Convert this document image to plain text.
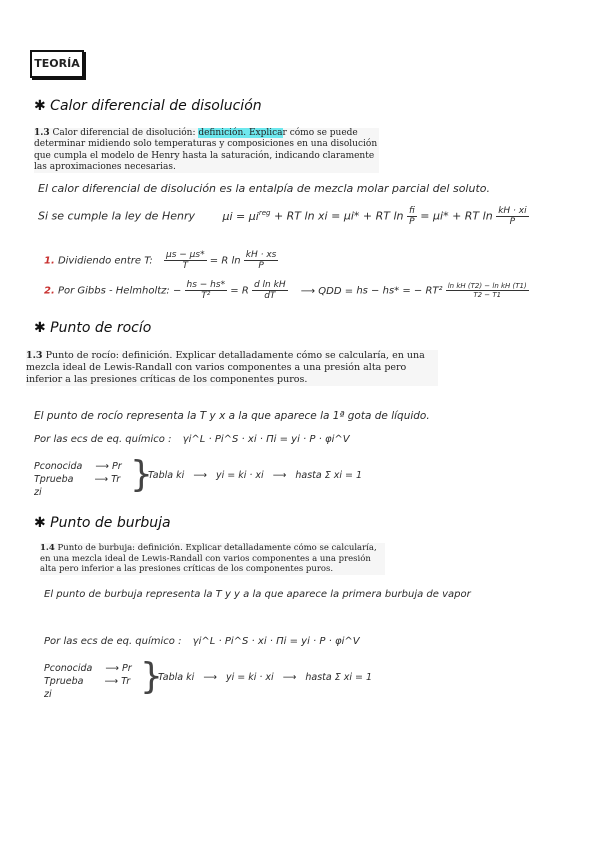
TEORÍA
✱ Calor diferencial de disolución
1.3 Calor diferencial de disolución: definición. Explicar cómo se puede determinar midiendo solo temperaturas y composiciones en una disolución que cumpla el modelo de Henry hasta la saturación, indicando claramente las aproximaciones necesarias.
El calor diferencial de disolución es la entalpía de mezcla molar parcial del soluto.
Si se cumple la ley de Henry	$\mu i = \mu i^{reg}$ + RT ln xi = μi* + RT $\ln \frac{fi}{P} = \mu i*$ + RT $\ln \frac{kH \cdot xi}{P}$
1. Dividiendo entre T: $\frac{\mu s - \mu s*}{T} = R$ $\ln \frac{kH \cdot xs}{P}$
2. Por Gibbs - Helmholtz: − $\frac{hs - hs*}{\text{T²}} = R \frac{\text{d ln kH}}{dT}$ ⟶ QDD = hs − hs* = − $RT^2 \frac{\text{ln kH (T2) − ln kH (T1)}}{T2 - T1}$
✱ Punto de rocío
1.3 Punto de rocío: definición. Explicar detalladamente cómo se calcularía, en una mezcla ideal de Lewis-Randall con varios componentes a una presión alta pero inferior a las presiones críticas de los componentes puros.
El punto de rocío representa la T y x a la que aparece la 1ª gota de líquido.
Por las ecs de eq. químico : γi^L · Pi^S · xi · Πi = yi · P · φi^V
Pconocida ⟶ Pr
Tprueba ⟶ Tr
zi	}
Tabla ki ⟶ yi = ki · xi ⟶ hasta Σ xi = 1
✱ Punto de burbuja
1.4 Punto de burbuja: definición. Explicar detalladamente cómo se calcularía, en una mezcla ideal de Lewis-Randall con varios componentes a una presión alta pero inferior a las presiones críticas de los componentes puros.
El punto de burbuja representa la T y y a la que aparece la primera burbuja de vapor
Por las ecs de eq. químico : γi^L · Pi^S · xi · Πi = yi · P · φi^V
Pconocida ⟶ Pr
Tprueba ⟶ Tr
zi	}
Tabla ki ⟶ yi = ki · xi ⟶ hasta Σ xi = 1
